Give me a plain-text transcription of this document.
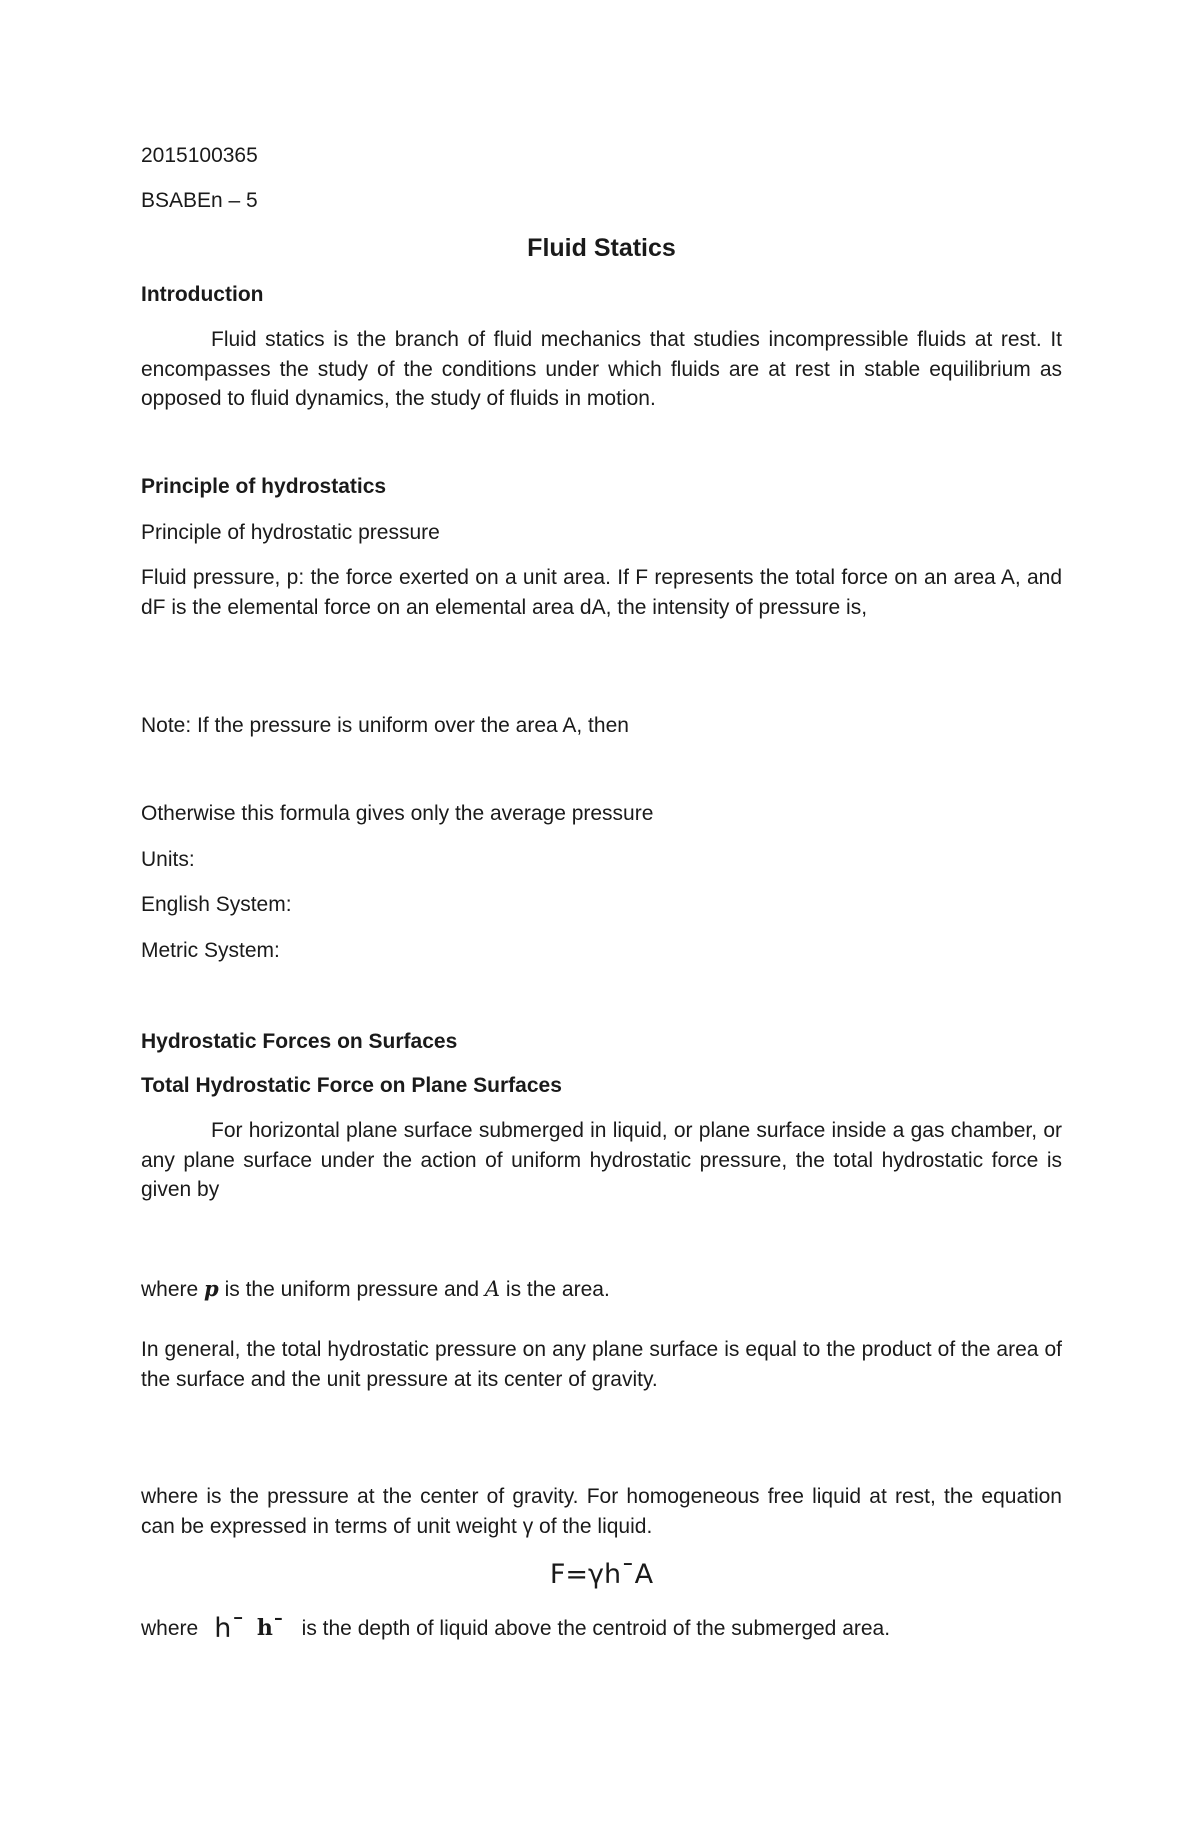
2015100365
BSABEn – 5
Fluid Statics
Introduction
Fluid statics is the branch of fluid mechanics that studies incompressible fluids at rest. It encompasses the study of the conditions under which fluids are at rest in stable equilibrium as opposed to fluid dynamics, the study of fluids in motion.
Principle of hydrostatics
Principle of hydrostatic pressure
Fluid pressure, p: the force exerted on a unit area. If F represents the total force on an area A, and dF is the elemental force on an elemental area dA, the intensity of pressure is,
Note: If the pressure is uniform over the area A, then
Otherwise this formula gives only the average pressure
Units:
English System:
Metric System:
Hydrostatic Forces on Surfaces
Total Hydrostatic Force on Plane Surfaces
For horizontal plane surface submerged in liquid, or plane surface inside a gas chamber, or any plane surface under the action of uniform hydrostatic pressure, the total hydrostatic force is given by
where p is the uniform pressure and A is the area.
In general, the total hydrostatic pressure on any plane surface is equal to the product of the area of the surface and the unit pressure at its center of gravity.
where is the pressure at the center of gravity. For homogeneous free liquid at rest, the equation can be expressed in terms of unit weight γ of the liquid.
F=γh¯A
where h¯ h¯ is the depth of liquid above the centroid of the submerged area.
